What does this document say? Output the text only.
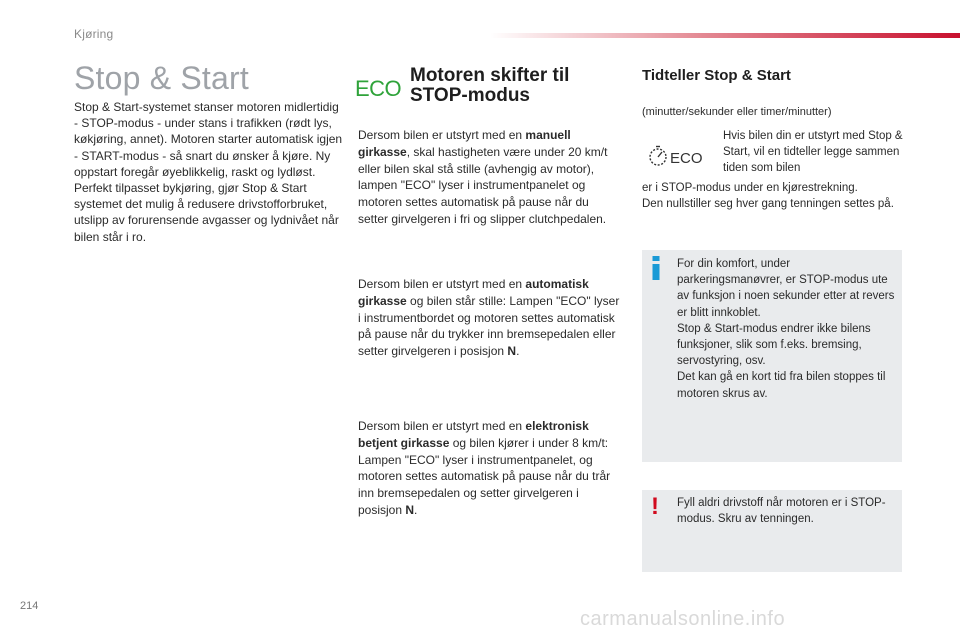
Kjøring
Stop & Start

Stop & Start-systemet stanser motoren midlertidig - STOP-modus - under stans i trafikken (rødt lys, køkjøring, annet). Motoren starter automatisk igjen - START-modus - så snart du ønsker å kjøre. Ny oppstart foregår øyeblikkelig, raskt og lydløst.

Perfekt tilpasset bykjøring, gjør Stop & Start systemet det mulig å redusere drivstofforbruket, utslipp av forurensende avgasser og lydnivået når bilen står i ro.

ECO
Motoren skifter til STOP-modus

Dersom bilen er utstyrt med en manuell girkasse, skal hastigheten være under 20 km/t eller bilen skal stå stille (avhengig av motor), lampen "ECO" lyser i instrumentpanelet og motoren settes automatisk på pause når du setter girvelgeren i fri og slipper clutchpedalen.

Dersom bilen er utstyrt med en automatisk girkasse og bilen står stille: Lampen "ECO" lyser i instrumentbordet og motoren settes automatisk på pause når du trykker inn bremsepedalen eller setter girvelgeren i posisjon N.

Dersom bilen er utstyrt med en elektronisk betjent girkasse og bilen kjører i under 8 km/t: Lampen "ECO" lyser i instrumentpanelet, og motoren settes automatisk på pause når du trår inn bremsepedalen og setter girvelgeren i posisjon N.

Tidteller Stop & Start
(minutter/sekunder eller timer/minutter)
ECO

Hvis bilen din er utstyrt med Stop & Start, vil en tidteller legge sammen tiden som bilen

er i STOP-modus under en kjørestrekning.
Den nullstiller seg hver gang tenningen settes på.
For din komfort, under parkeringsmanøvrer, er STOP-modus ute av funksjon i noen sekunder etter at revers er blitt innkoblet.
Stop & Start-modus endrer ikke bilens funksjoner, slik som f.eks. bremsing, servostyring, osv.
Det kan gå en kort tid fra bilen stoppes til motoren skrus av.
! Fyll aldri drivstoff når motoren er i STOP-modus. Skru av tenningen.

214
carmanualsonline.info
